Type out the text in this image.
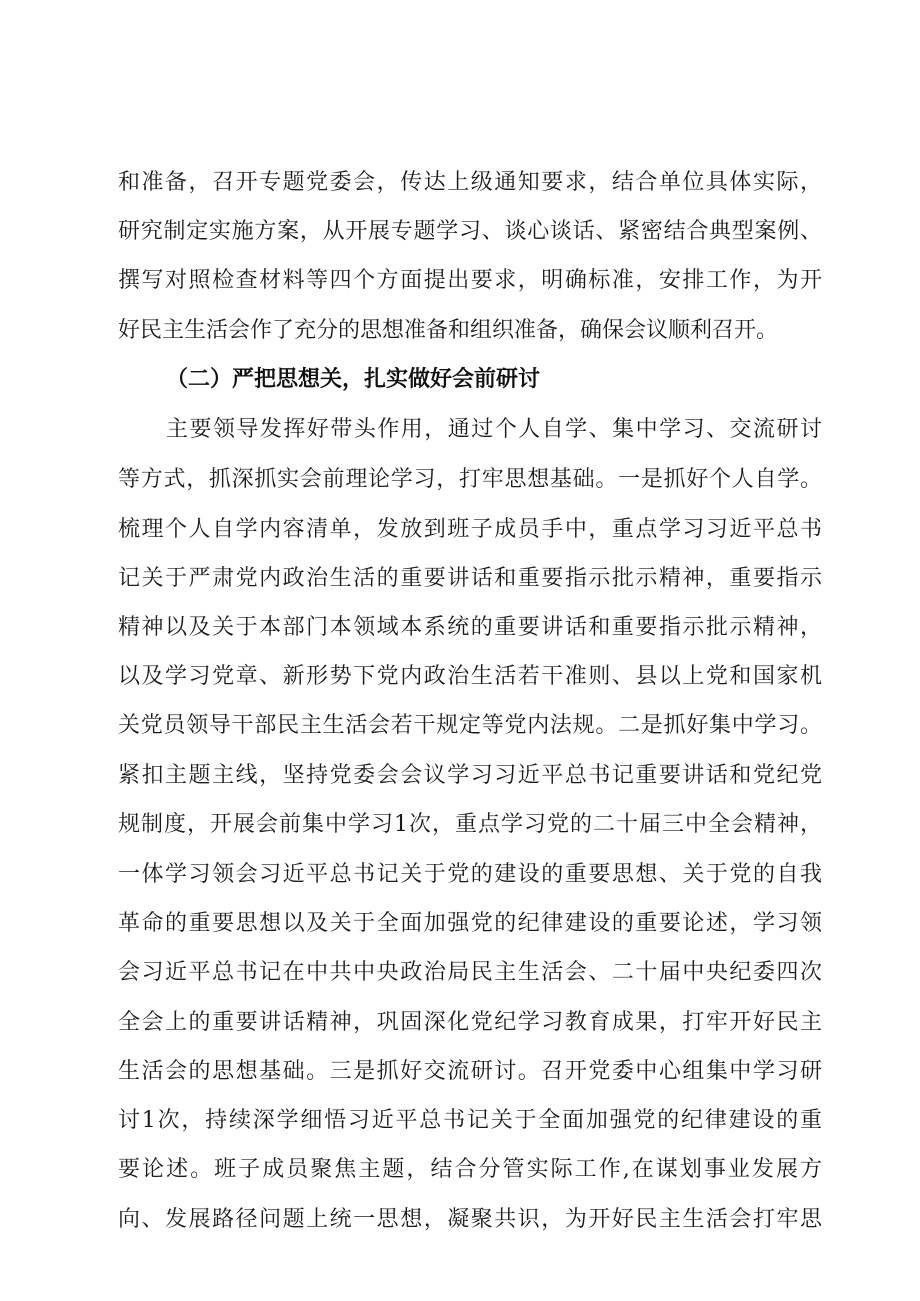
和准备，召开专题党委会，传达上级通知要求，结合单位具体实际，
研究制定实施方案，从开展专题学习、谈心谈话、紧密结合典型案例、
撰写对照检查材料等四个方面提出要求，明确标准，安排工作，为开
好民主生活会作了充分的思想准备和组织准备，确保会议顺利召开。
（二）严把思想关，扎实做好会前研讨
主要领导发挥好带头作用，通过个人自学、集中学习、交流研讨
等方式，抓深抓实会前理论学习，打牢思想基础。一是抓好个人自学。
梳理个人自学内容清单，发放到班子成员手中，重点学习习近平总书
记关于严肃党内政治生活的重要讲话和重要指示批示精神，重要指示
精神以及关于本部门本领域本系统的重要讲话和重要指示批示精神，
以及学习党章、新形势下党内政治生活若干准则、县以上党和国家机
关党员领导干部民主生活会若干规定等党内法规。二是抓好集中学习。
紧扣主题主线，坚持党委会会议学习习近平总书记重要讲话和党纪党
规制度，开展会前集中学习1次，重点学习党的二十届三中全会精神，
一体学习领会习近平总书记关于党的建设的重要思想、关于党的自我
革命的重要思想以及关于全面加强党的纪律建设的重要论述，学习领
会习近平总书记在中共中央政治局民主生活会、二十届中央纪委四次
全会上的重要讲话精神，巩固深化党纪学习教育成果，打牢开好民主
生活会的思想基础。三是抓好交流研讨。召开党委中心组集中学习研
讨1次，持续深学细悟习近平总书记关于全面加强党的纪律建设的重
要论述。班子成员聚焦主题，结合分管实际工作,在谋划事业发展方
向、发展路径问题上统一思想，凝聚共识，为开好民主生活会打牢思
